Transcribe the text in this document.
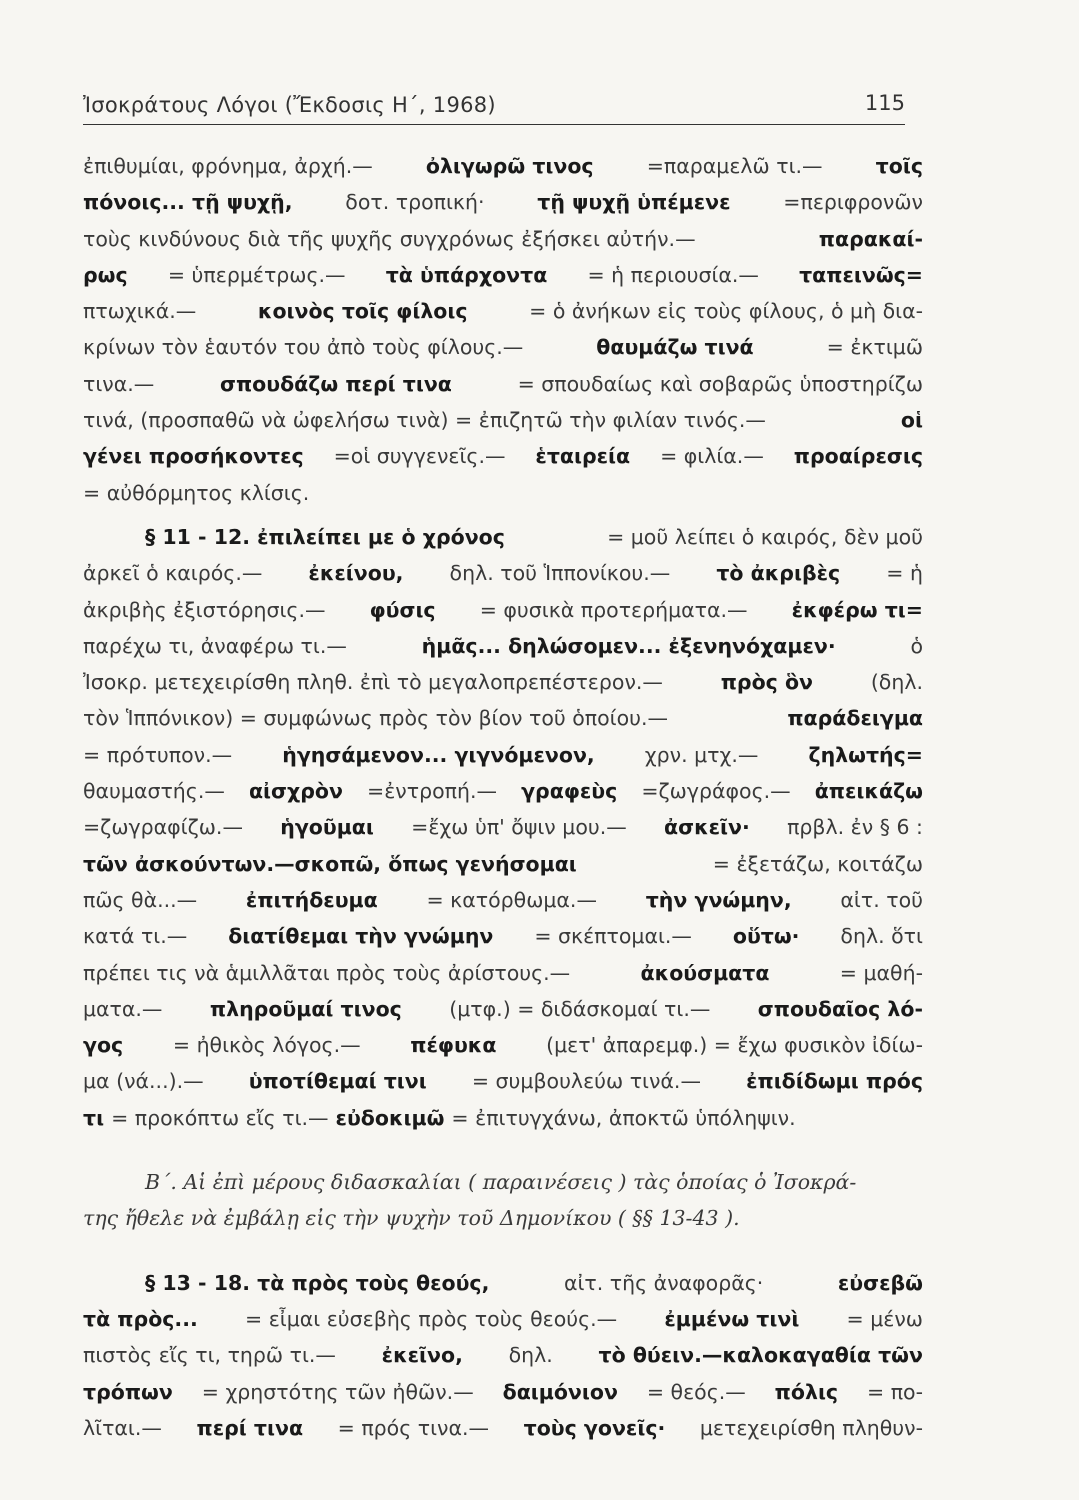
Ἰσοκράτους Λόγοι (Ἔκδοσις Η΄, 1968)	115
ἐπιθυμίαι, φρόνημα, ἀρχή.—	ὀλιγωρῶ τινος	=παραμελῶ τι.—	τοῖς
πόνοις... τῇ ψυχῇ,	δοτ. τροπική·	τῇ ψυχῇ ὑπέμενε	=περιφρονῶν
τοὺς κινδύνους διὰ τῆς ψυχῆς συγχρόνως ἐξήσκει αὐτήν.—	παρακαί-
ρως = ὑπερμέτρως.— τὰ ὑπάρχοντα = ἡ περιουσία.— ταπεινῶς=
πτωχικά.—	κοινὸς τοῖς φίλοις	= ὁ ἀνήκων εἰς τοὺς φίλους, ὁ μὴ δια-
κρίνων τὸν ἑαυτόν του ἀπὸ τοὺς φίλους.—	θαυμάζω τινά	= ἐκτιμῶ
τινα.—	σπουδάζω περί τινα	= σπουδαίως καὶ σοβαρῶς ὑποστηρίζω
τινά, (προσπαθῶ νὰ ὠφελήσω τινὰ) = ἐπιζητῶ τὴν φιλίαν τινός.—	οἱ
γένει προσήκοντες =οἱ συγγενεῖς.— ἑταιρεία = φιλία.— προαίρεσις
= αὐθόρμητος κλίσις.
§ 11 - 12. ἐπιλείπει με ὁ χρόνος	= μοῦ λείπει ὁ καιρός, δὲν μοῦ
ἀρκεῖ ὁ καιρός.— ἐκείνου, δηλ. τοῦ Ἱππονίκου.— τὸ ἀκριβὲς = ἡ
ἀκριβὴς ἐξιστόρησις.— φύσις = φυσικὰ προτερήματα.— ἐκφέρω τι=
παρέχω τι, ἀναφέρω τι.—	ἡμᾶς... δηλώσομεν... ἐξενηνόχαμεν·	ὁ
Ἰσοκρ. μετεχειρίσθη πληθ. ἐπὶ τὸ μεγαλοπρεπέστερον.—	πρὸς ὃν	(δηλ.
τὸν Ἱππόνικον) = συμφώνως πρὸς τὸν βίον τοῦ ὁποίου.—	παράδειγμα
= πρότυπον.— ἡγησάμενον... γιγνόμενον, χρν. μτχ.— ζηλωτής=
θαυμαστής.— αἰσχρὸν =ἐντροπή.— γραφεὺς =ζωγράφος.— ἀπεικάζω
=ζωγραφίζω.— ἡγοῦμαι =ἔχω ὑπ' ὄψιν μου.— ἀσκεῖν· πρβλ. ἐν § 6 :
τῶν ἀσκούντων.—σκοπῶ, ὅπως γενήσομαι	= ἐξετάζω, κοιτάζω
πῶς θὰ...— ἐπιτήδευμα = κατόρθωμα.— τὴν γνώμην, αἰτ. τοῦ
κατά τι.— διατίθεμαι τὴν γνώμην = σκέπτομαι.— οὕτω· δηλ. ὅτι
πρέπει τις νὰ ἁμιλλᾶται πρὸς τοὺς ἀρίστους.—	ἀκούσματα	= μαθή-
ματα.— πληροῦμαί τινος (μτφ.) = διδάσκομαί τι.— σπουδαῖος λό-
γος = ἠθικὸς λόγος.— πέφυκα (μετ' ἀπαρεμφ.) = ἔχω φυσικὸν ἰδίω-
μα (νά...).— ὑποτίθεμαί τινι = συμβουλεύω τινά.— ἐπιδίδωμι πρός
τι = προκόπτω εἴς τι.— εὐδοκιμῶ = ἐπιτυγχάνω, ἀποκτῶ ὑπόληψιν.
Β΄. Αἱ ἐπὶ μέρους διδασκαλίαι ( παραινέσεις ) τὰς ὁποίας ὁ Ἰσοκρά-
της ἤθελε νὰ ἐμβάλῃ εἰς τὴν ψυχὴν τοῦ Δημονίκου ( §§ 13-43 ).
§ 13 - 18. τὰ πρὸς τοὺς θεούς,	αἰτ. τῆς ἀναφορᾶς·	εὐσεβῶ
τὰ πρὸς... = εἶμαι εὐσεβὴς πρὸς τοὺς θεούς.— ἐμμένω τινὶ = μένω
πιστὸς εἴς τι, τηρῶ τι.— ἐκεῖνο, δηλ. τὸ θύειν.—καλοκαγαθία τῶν
τρόπων = χρηστότης τῶν ἠθῶν.— δαιμόνιον = θεός.— πόλις = πο-
λῖται.— περί τινα = πρός τινα.— τοὺς γονεῖς· μετεχειρίσθη πληθυν-
